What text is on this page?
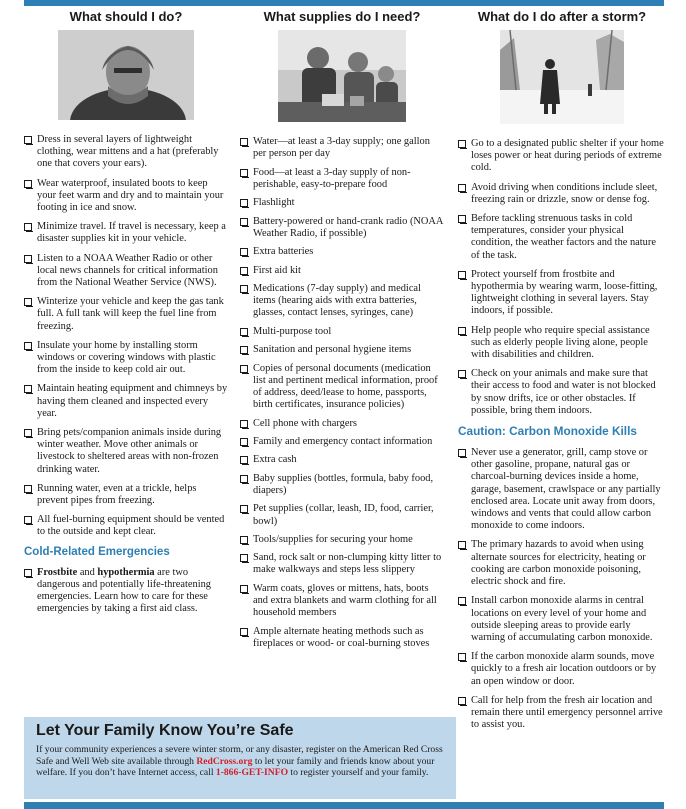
What should I do?
Dress in several layers of lightweight clothing, wear mittens and a hat (preferably one that covers your ears).
Wear waterproof, insulated boots to keep your feet warm and dry and to maintain your footing in ice and snow.
Minimize travel. If travel is necessary, keep a disaster supplies kit in your vehicle.
Listen to a NOAA Weather Radio or other local news channels for critical information from the National Weather Service (NWS).
Winterize your vehicle and keep the gas tank full. A full tank will keep the fuel line from freezing.
Insulate your home by installing storm windows or covering windows with plastic from the inside to keep cold air out.
Maintain heating equipment and chimneys by having them cleaned and inspected every year.
Bring pets/companion animals inside during winter weather. Move other animals or livestock to sheltered areas with non-frozen drinking water.
Running water, even at a trickle, helps prevent pipes from freezing.
All fuel-burning equipment should be vented to the outside and kept clear.
Cold-Related Emergencies
Frostbite and hypothermia are two dangerous and potentially life-threatening emergencies. Learn how to care for these emergencies by taking a first aid class.
What supplies do I need?
Water—at least a 3-day supply; one gallon per person per day
Food—at least a 3-day supply of non-perishable, easy-to-prepare food
Flashlight
Battery-powered or hand-crank radio (NOAA Weather Radio, if possible)
Extra batteries
First aid kit
Medications (7-day supply) and medical items (hearing aids with extra batteries, glasses, contact lenses, syringes, cane)
Multi-purpose tool
Sanitation and personal hygiene items
Copies of personal documents (medication list and pertinent medical information, proof of address, deed/lease to home, passports, birth certificates, insurance policies)
Cell phone with chargers
Family and emergency contact information
Extra cash
Baby supplies (bottles, formula, baby food, diapers)
Pet supplies (collar, leash, ID, food, carrier, bowl)
Tools/supplies for securing your home
Sand, rock salt or non-clumping kitty litter to make walkways and steps less slippery
Warm coats, gloves or mittens, hats, boots and extra blankets and warm clothing for all household members
Ample alternate heating methods such as fireplaces or wood- or coal-burning stoves
What do I do after a storm?
Go to a designated public shelter if your home loses power or heat during periods of extreme cold.
Avoid driving when conditions include sleet, freezing rain or drizzle, snow or dense fog.
Before tackling strenuous tasks in cold temperatures, consider your physical condition, the weather factors and the nature of the task.
Protect yourself from frostbite and hypothermia by wearing warm, loose-fitting, lightweight clothing in several layers. Stay indoors, if possible.
Help people who require special assistance such as elderly people living alone, people with disabilities and children.
Check on your animals and make sure that their access to food and water is not blocked by snow drifts, ice or other obstacles. If possible, bring them indoors.
Caution: Carbon Monoxide Kills
Never use a generator, grill, camp stove or other gasoline, propane, natural gas or charcoal-burning devices inside a home, garage, basement, crawlspace or any partially enclosed area. Locate unit away from doors, windows and vents that could allow carbon monoxide to come indoors.
The primary hazards to avoid when using alternate sources for electricity, heating or cooking are carbon monoxide poisoning, electric shock and fire.
Install carbon monoxide alarms in central locations on every level of your home and outside sleeping areas to provide early warning of accumulating carbon monoxide.
If the carbon monoxide alarm sounds, move quickly to a fresh air location outdoors or by an open window or door.
Call for help from the fresh air location and remain there until emergency personnel arrive to assist you.
Let Your Family Know You’re Safe
If your community experiences a severe winter storm, or any disaster, register on the American Red Cross Safe and Well Web site available through RedCross.org to let your family and friends know about your welfare. If you don’t have Internet access, call 1-866-GET-INFO to register yourself and your family.
